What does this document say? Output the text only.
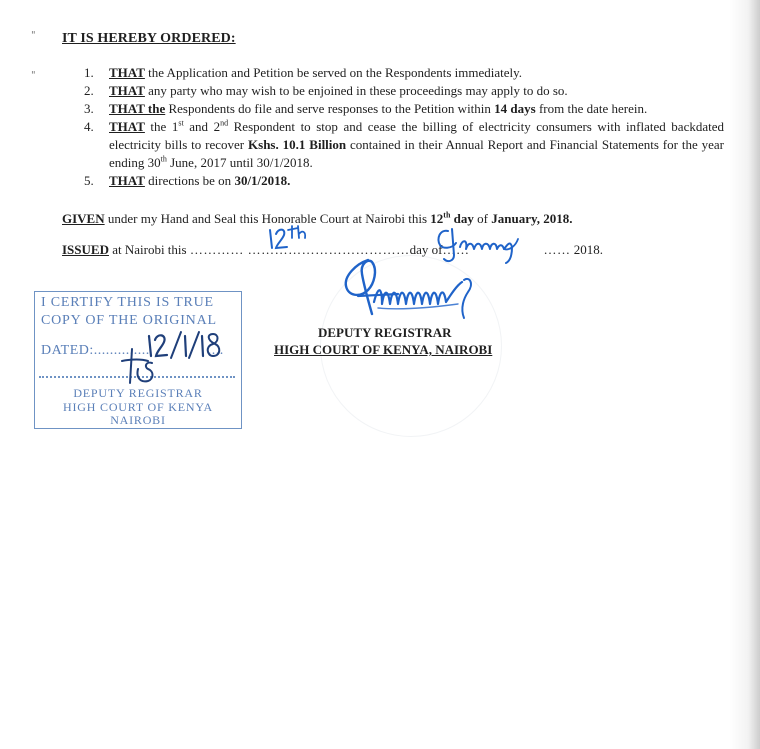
"
"
IT IS HEREBY ORDERED:
1. THAT the Application and Petition be served on the Respondents immediately.
2. THAT any party who may wish to be enjoined in these proceedings may apply to do so.
3. THAT the Respondents do file and serve responses to the Petition within 14 days from the date herein.
4. THAT the 1st and 2nd Respondent to stop and cease the billing of electricity consumers with inflated backdated electricity bills to recover Kshs. 10.1 Billion contained in their Annual Report and Financial Statements for the year ending 30th June, 2017 until 30/1/2018.
5. THAT directions be on 30/1/2018.
GIVEN under my Hand and Seal this Honorable Court at Nairobi this 12th day of January, 2018.
ISSUED at Nairobi this ………… ………………………………day of……	…… 2018.
DEPUTY REGISTRAR
HIGH COURT OF KENYA, NAIROBI
I CERTIFY THIS IS TRUE
COPY OF THE ORIGINAL
DATED:..............	....
DEPUTY REGISTRAR
HIGH COURT OF KENYA
NAIROBI
